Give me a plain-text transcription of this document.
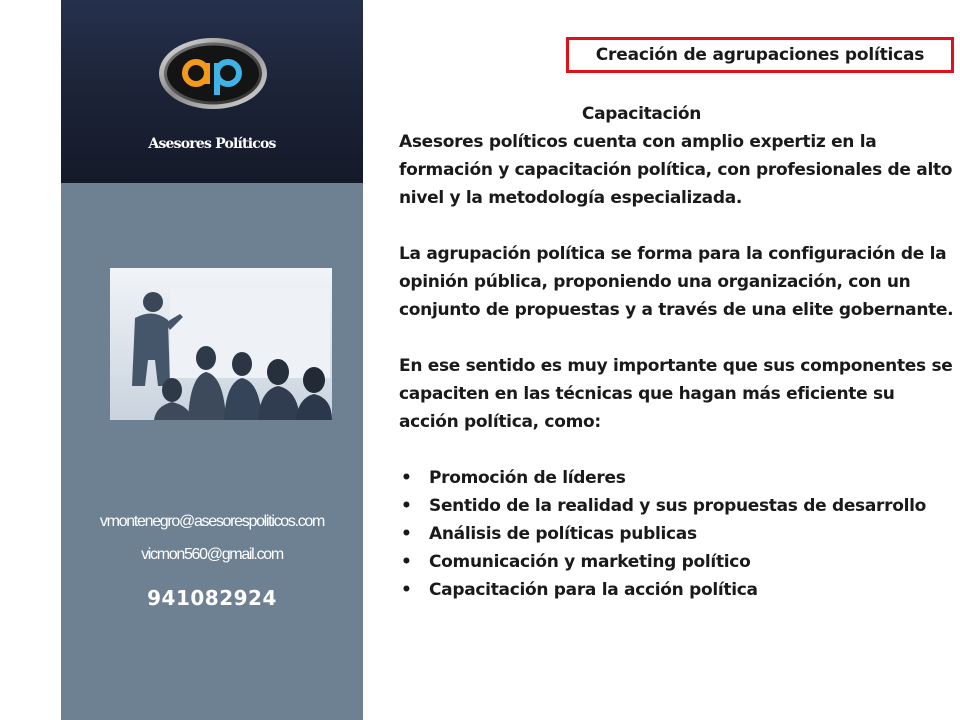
Asesores Políticos
vmontenegro@asesorespoliticos.com
vicmon560@gmail.com
941082924
Creación de agrupaciones políticas
Capacitación

Asesores políticos cuenta con amplio expertiz en la formación y capacitación política, con profesionales de alto nivel y la metodología especializada.

La agrupación política se forma para la configuración de la opinión pública, proponiendo una organización, con un conjunto de propuestas y a través de una elite gobernante.

En ese sentido es muy importante que sus componentes se capaciten en las técnicas que hagan más eficiente su acción política, como:

• Promoción de líderes
• Sentido de la realidad y sus propuestas de desarrollo
• Análisis de políticas publicas
• Comunicación y marketing político
• Capacitación para la acción política
